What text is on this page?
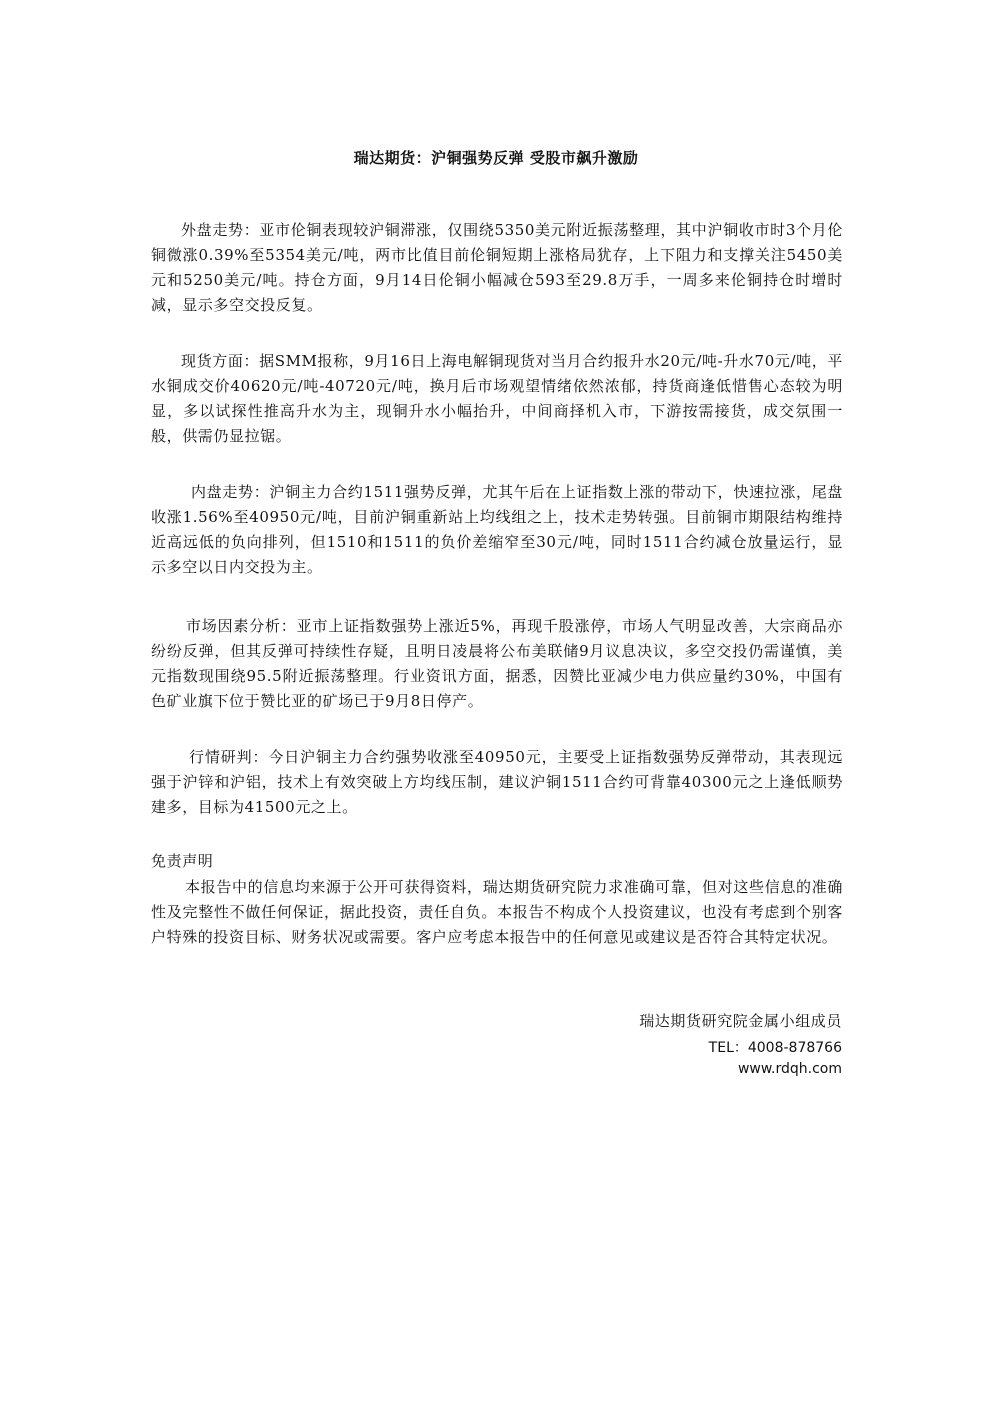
瑞达期货：沪铜强势反弹 受股市飙升激励
外盘走势：亚市伦铜表现较沪铜滞涨，仅围绕5350美元附近振荡整理，其中沪铜收市时3个月伦铜微涨0.39%至5354美元/吨，两市比值目前伦铜短期上涨格局犹存，上下阻力和支撑关注5450美元和5250美元/吨。持仓方面，9月14日伦铜小幅减仓593至29.8万手，一周多来伦铜持仓时增时减，显示多空交投反复。
现货方面：据SMM报称，9月16日上海电解铜现货对当月合约报升水20元/吨-升水70元/吨，平水铜成交价40620元/吨-40720元/吨，换月后市场观望情绪依然浓郁，持货商逢低惜售心态较为明显，多以试探性推高升水为主，现铜升水小幅抬升，中间商择机入市，下游按需接货，成交氛围一般，供需仍显拉锯。
内盘走势：沪铜主力合约1511强势反弹，尤其午后在上证指数上涨的带动下，快速拉涨，尾盘收涨1.56%至40950元/吨，目前沪铜重新站上均线组之上，技术走势转强。目前铜市期限结构维持近高远低的负向排列，但1510和1511的负价差缩窄至30元/吨，同时1511合约减仓放量运行，显示多空以日内交投为主。
市场因素分析：亚市上证指数强势上涨近5%，再现千股涨停，市场人气明显改善，大宗商品亦纷纷反弹，但其反弹可持续性存疑，且明日凌晨将公布美联储9月议息决议，多空交投仍需谨慎，美元指数现围绕95.5附近振荡整理。行业资讯方面，据悉，因赞比亚减少电力供应量约30%，中国有色矿业旗下位于赞比亚的矿场已于9月8日停产。
行情研判：今日沪铜主力合约强势收涨至40950元，主要受上证指数强势反弹带动，其表现远强于沪锌和沪铝，技术上有效突破上方均线压制，建议沪铜1511合约可背靠40300元之上逢低顺势建多，目标为41500元之上。
免责声明
本报告中的信息均来源于公开可获得资料，瑞达期货研究院力求准确可靠，但对这些信息的准确性及完整性不做任何保证，据此投资，责任自负。本报告不构成个人投资建议，也没有考虑到个别客户特殊的投资目标、财务状况或需要。客户应考虑本报告中的任何意见或建议是否符合其特定状况。
瑞达期货研究院金属小组成员
TEL：4008-878766
www.rdqh.com
